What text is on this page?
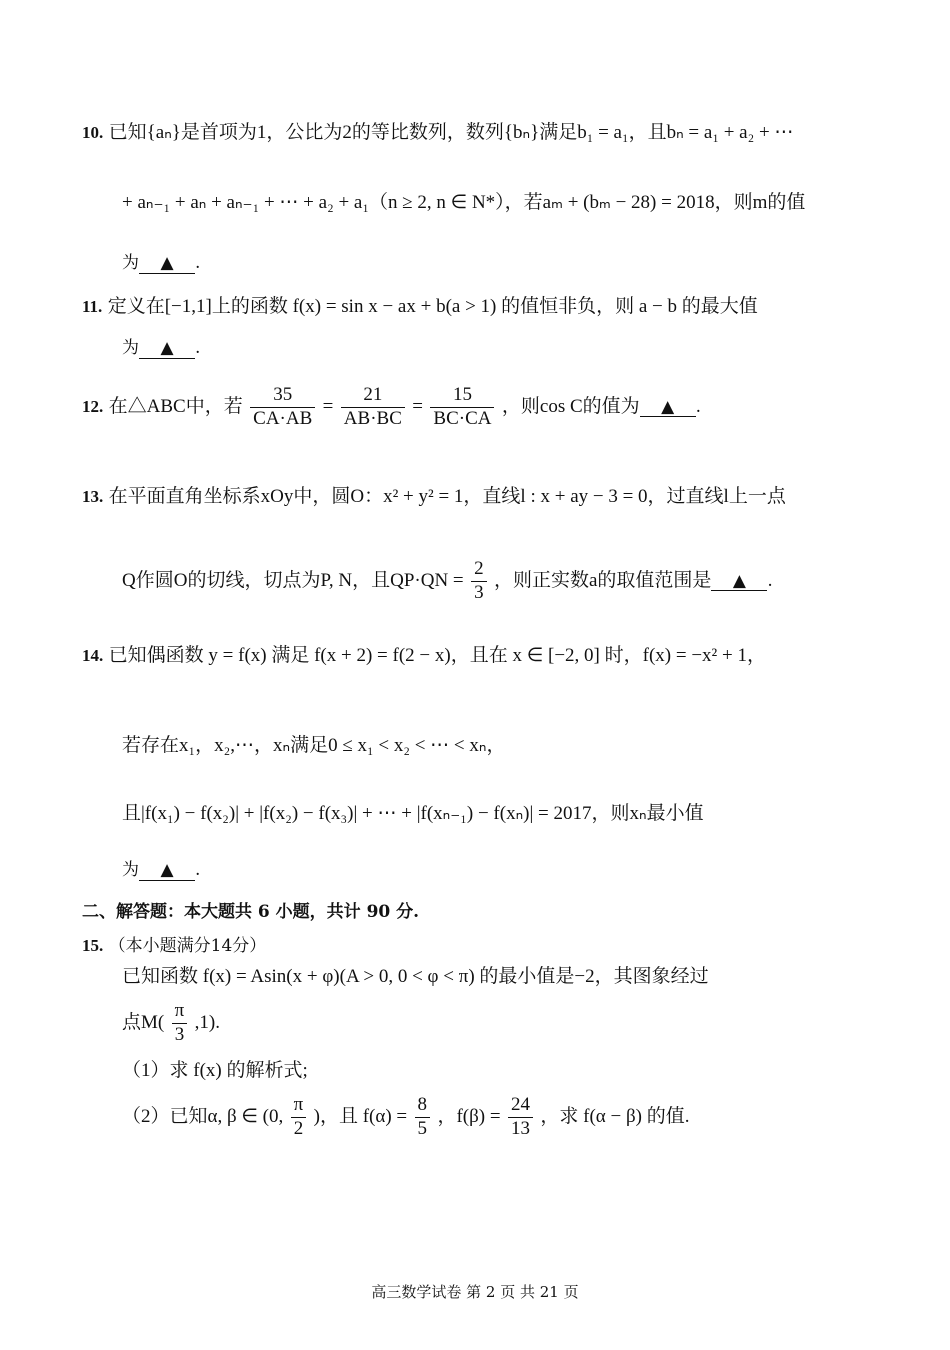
10. 已知{aₙ}是首项为1，公比为2的等比数列，数列{bₙ}满足b₁ = a₁，且bₙ = a₁ + a₂ + ⋯
+ aₙ₋₁ + aₙ + aₙ₋₁ + ⋯ + a₂ + a₁（n ≥ 2, n ∈ N*），若aₘ + (bₘ − 28) = 2018，则m的值
为 ▲ .
11. 定义在[−1,1]上的函数 f(x) = sin x − ax + b(a > 1) 的值恒非负，则 a − b 的最大值
为 ▲ .
12. 在△ABC中，若 $\frac{35}{CA\cdot AB} = \frac{21}{AB\cdot BC} = \frac{15}{BC\cdot CA}$ ，则cos C的值为 ▲ .
13. 在平面直角坐标系xOy中，圆O：x² + y² = 1，直线l : x + ay − 3 = 0，过直线l上一点
Q作圆O的切线，切点为P, N，且$QP\cdot QN = \frac{2}{3}$ ，则正实数a的取值范围是 ▲ .
14. 已知偶函数 y = f(x) 满足 f(x + 2) = f(2 − x)，且在 x ∈ [−2, 0] 时，f(x) = −x² + 1，
若存在x₁，x₂,⋯，xₙ满足0 ≤ x₁ < x₂ < ⋯ < xₙ，
且|f(x₁) − f(x₂)| + |f(x₂) − f(x₃)| + ⋯ + |f(xₙ₋₁) − f(xₙ)| = 2017，则xₙ最小值
为 ▲ .
二、解答题：本大题共 6 小题，共计 90 分.
15. （本小题满分14分）
已知函数 f(x) = Asin(x + φ)(A > 0, 0 < φ < π) 的最小值是−2，其图象经过
点$M( \frac{\pi}{3} ,1)$.
（1）求 f(x) 的解析式;
（2）已知α, β ∈ (0, $\frac{\pi}{2}$ )，且 $f(\alpha) = \frac{8}{5}$ ，$f(\beta) = \frac{24}{13}$ ，求 f(α − β) 的值.
高三数学试卷 第 2 页 共 21 页
